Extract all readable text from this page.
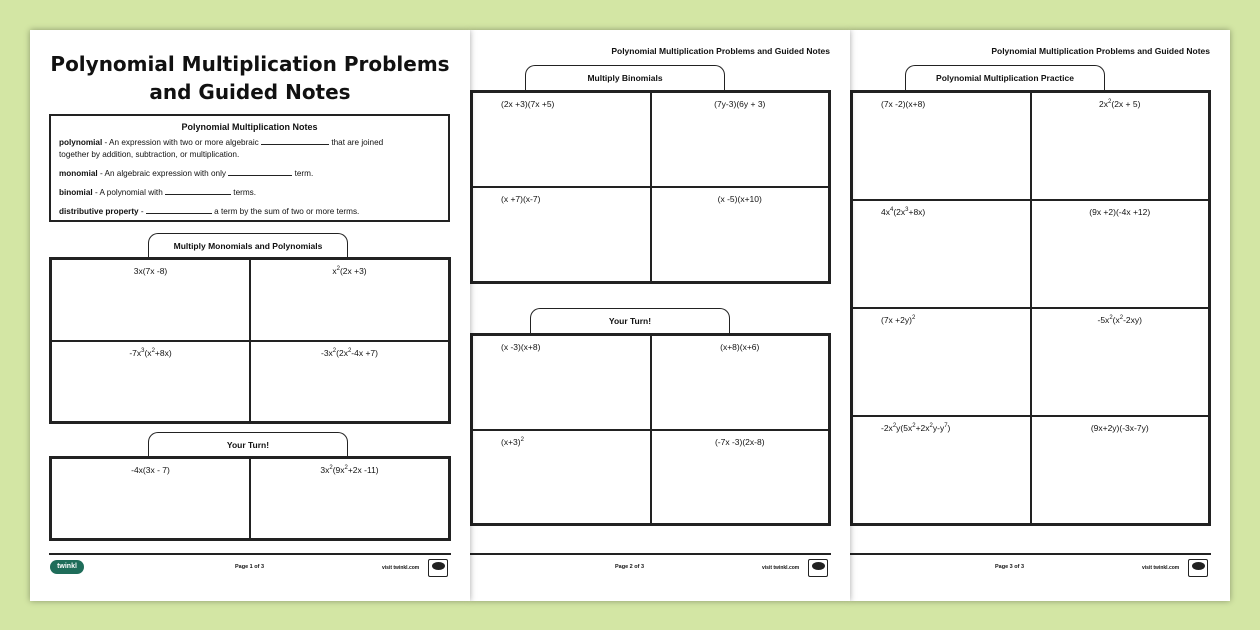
Polynomial Multiplication Problems
and Guided Notes
Polynomial Multiplication Notes

polynomial - An expression with two or more algebraic	that are joined

together by addition, subtraction, or multiplication.

monomial - An algebraic expression with only	term.

binomial - A polynomial with	terms.

distributive property -	a term by the sum of two or more terms.

Multiply Monomials and Polynomials
3x(7x -8)	$x^2(2x +3)$
$-7x^3(x^2+8x)$	$-3x^2(2x^2-4x +7)$
Your Turn!
-4x(3x - 7)	$3x^2(9x^2+2x$ -11)
twinkl	Page 1 of 3	visit twinkl.com
Polynomial Multiplication Problems and Guided Notes
Multiply Binomials
(2x +3)(7x +5)	(7y-3)(6y + 3)
(x +7)(x-7)	(x -5)(x+10)
Your Turn!
(x -3)(x+8)	(x+8)(x+6)
$(x+3)^2$	(-7x -3)(2x-8)
Page 2 of 3	visit twinkl.com
Polynomial Multiplication Problems and Guided Notes
Polynomial Multiplication Practice
(7x -2)(x+8)	$2x^2(2x + 5)$
$4x^4(2x^3+8x)$	(9x +2)(-4x +12)
$(7x +2y)^2$	$-5x^2(x^2-2xy)$
$-2x^2y(5x^2+2x^2y-y^7)$	(9x+2y)(-3x-7y)
Page 3 of 3	visit twinkl.com
